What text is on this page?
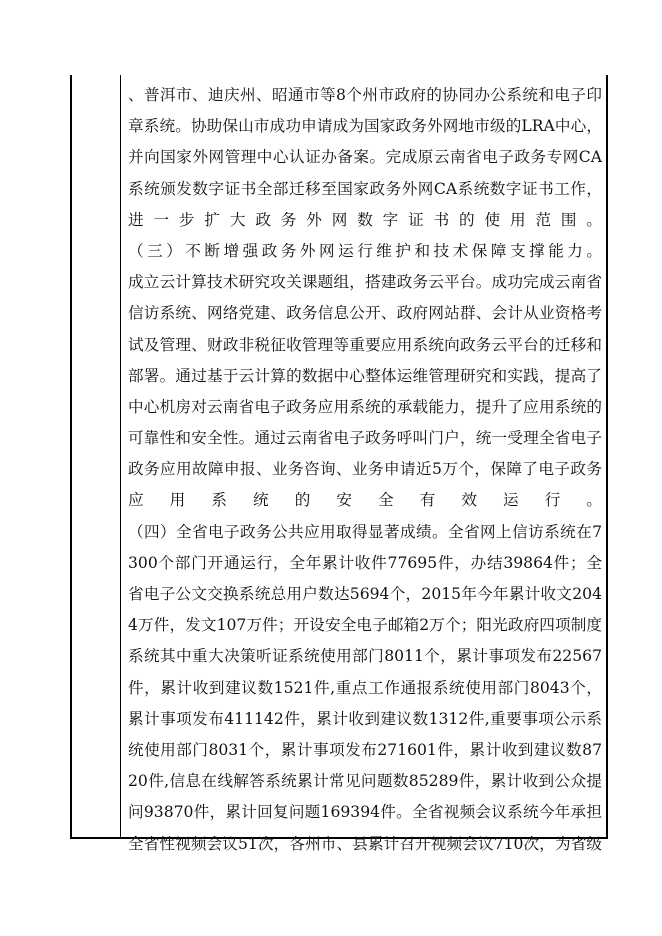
、普洱市、迪庆州、昭通市等8个州市政府的协同办公系统和电子印
章系统。协助保山市成功申请成为国家政务外网地市级的LRA中心，
并向国家外网管理中心认证办备案。完成原云南省电子政务专网CA
系统颁发数字证书全部迁移至国家政务外网CA系统数字证书工作，
进一步扩大政务外网数字证书的使用范围。
（三）不断增强政务外网运行维护和技术保障支撑能力。
成立云计算技术研究攻关课题组，搭建政务云平台。成功完成云南省
信访系统、网络党建、政务信息公开、政府网站群、会计从业资格考
试及管理、财政非税征收管理等重要应用系统向政务云平台的迁移和
部署。通过基于云计算的数据中心整体运维管理研究和实践，提高了
中心机房对云南省电子政务应用系统的承载能力，提升了应用系统的
可靠性和安全性。通过云南省电子政务呼叫门户，统一受理全省电子
政务应用故障申报、业务咨询、业务申请近5万个，保障了电子政务
应用系统的安全有效运行。
（四）全省电子政务公共应用取得显著成绩。全省网上信访系统在7
300个部门开通运行，全年累计收件77695件，办结39864件；全
省电子公文交换系统总用户数达5694个，2015年今年累计收文204
4万件，发文107万件；开设安全电子邮箱2万个；阳光政府四项制度
系统其中重大决策听证系统使用部门8011个，累计事项发布22567
件，累计收到建议数1521件,重点工作通报系统使用部门8043个，
累计事项发布411142件，累计收到建议数1312件,重要事项公示系
统使用部门8031个，累计事项发布271601件，累计收到建议数87
20件,信息在线解答系统累计常见问题数85289件，累计收到公众提
问93870件，累计回复问题169394件。全省视频会议系统今年承担
全省性视频会议51次，各州市、县累计召开视频会议710次，为省级
